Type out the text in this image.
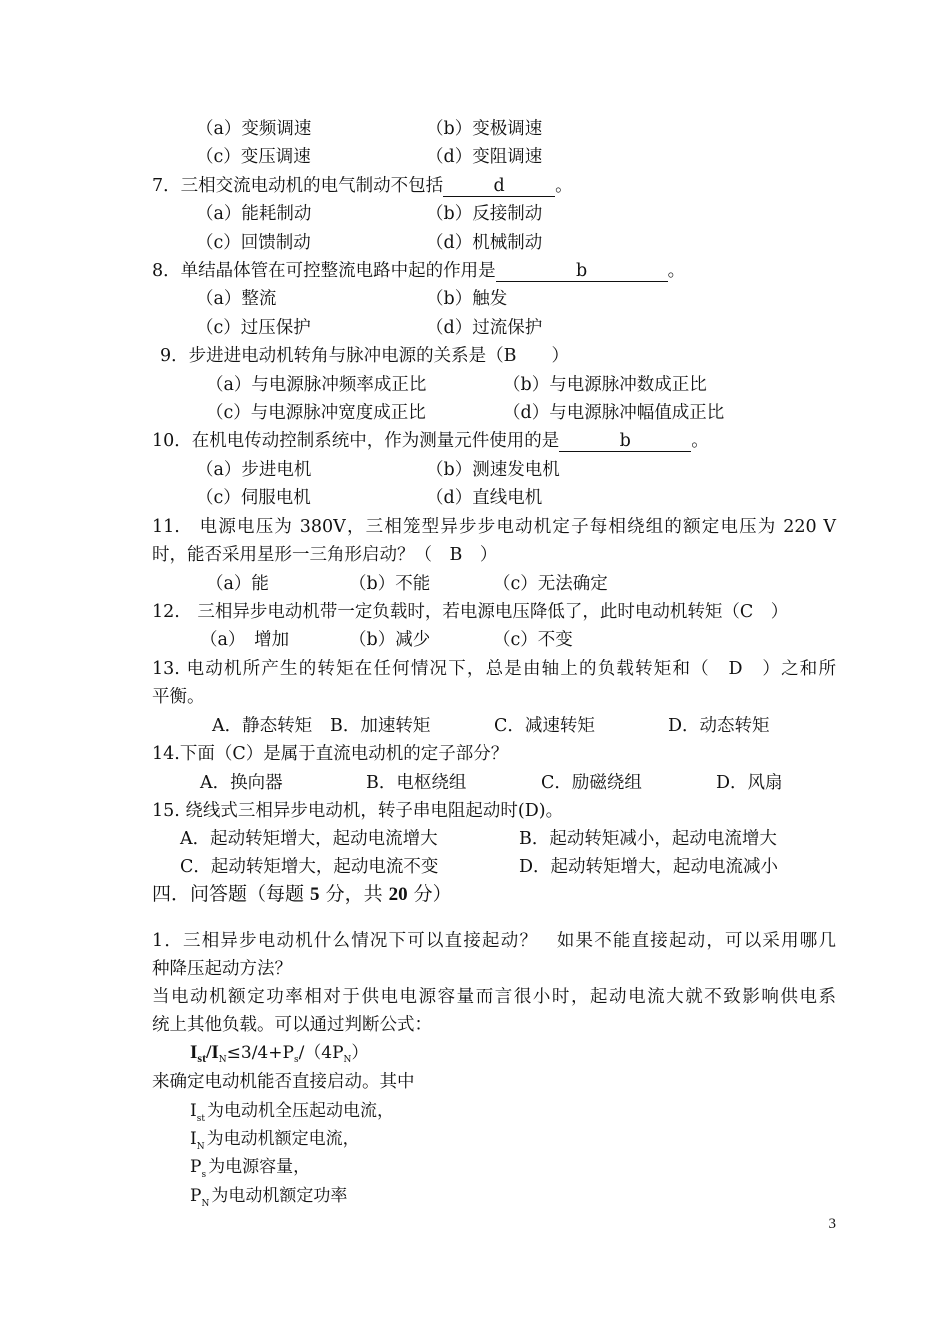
（a）变频调速	（b）变极调速
（c）变压调速	（d）变阻调速
7．三相交流电动机的电气制动不包括	d	。
（a）能耗制动	（b）反接制动
（c）回馈制动	（d）机械制动
8．单结晶体管在可控整流电路中起的作用是	b	。
（a）整流	（b）触发
（c）过压保护	（d）过流保护
9．步进进电动机转角与脉冲电源的关系是（B　　）
（a）与电源脉冲频率成正比	（b）与电源脉冲数成正比
（c）与电源脉冲宽度成正比	（d）与电源脉冲幅值成正比
10．在机电传动控制系统中，作为测量元件使用的是	b	。
（a）步进电机	（b）测速发电机
（c）伺服电机	（d）直线电机
11.　电源电压为 380V，三相笼型异步步电动机定子每相绕组的额定电压为 220 V
时，能否采用星形一三角形启动？（　B　）
（a）能	（b）不能	（c）无法确定
12.　三相异步电动机带一定负载时，若电源电压降低了，此时电动机转矩（C　）
（a）　增加	（b）减少	（c）不变
13. 电动机所产生的转矩在任何情况下，总是由轴上的负载转矩和（　D　）之和所
平衡。
A．静态转矩 B．加速转矩	C．减速转矩	D．动态转矩
14.下面（C）是属于直流电动机的定子部分？
A．换向器	B．电枢绕组	C．励磁绕组	D．风扇
15. 绕线式三相异步电动机，转子串电阻起动时(D)。
A．起动转矩增大，起动电流增大	B．起动转矩减小，起动电流增大
C．起动转矩增大，起动电流不变	D．起动转矩增大，起动电流减小
四．问答题（每题 5 分，共 20 分）
1．三相异步电动机什么情况下可以直接起动？　如果不能直接起动，可以采用哪几
种降压起动方法？
当电动机额定功率相对于供电电源容量而言很小时，起动电流大就不致影响供电系
统上其他负载。可以通过判断公式：
$I_{st}/I_N\le 3/4+P_s/(4P_N)$
来确定电动机能否直接启动。其中
$I_{st}$ 为电动机全压起动电流，
$I_N$ 为电动机额定电流，
$P_s$ 为电源容量，
$P_N$ 为电动机额定功率
3
